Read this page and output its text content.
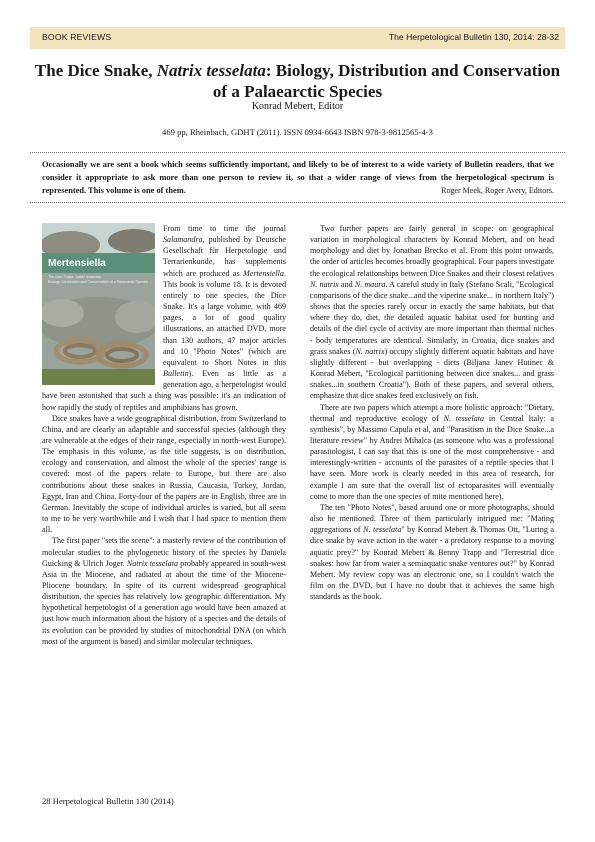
BOOK REVIEWS	The Herpetological Bulletin 130, 2014: 28-32
The Dice Snake, Natrix tesselata: Biology, Distribution and Conservation of a Palaearctic Species
Konrad Mebert, Editor
469 pp, Rheinbach, GDHT (2011). ISSN 0934-6643 ISBN 978-3-9812565-4-3
Occasionally we are sent a book which seems sufficiently important, and likely to be of interest to a wide variety of Bulletin readers, that we consider it appropriate to ask more than one person to review it, so that a wider range of views from the herpetological spectrum is represented. This volume is one of them.	Roger Meek, Roger Avery, Editors.
Mertensiella
The Dice Snake, Natrix tesselata: Biology, Distribution and Conservation of a Palaearctic Species

From time to time the journal Salamandra, published by Deutsche Gesellschaft für Herpetologie und Terrarienkunde, has supplements which are produced as Mertensiella. This book is volume 18. It is devoted entirely to one species, the Dice Snake. It's a large volume, with 469 pages, a lot of good quality illustrations, an attached DVD, more than 130 authors, 47 major articles and 10 "Photo Notes" (which are equivalent to Short Notes in this Bulletin). Even as little as a generation ago, a herpetologist would have been astonished that such a thing was possible: it's an indication of how rapidly the study of reptiles and amphibians has grown.

Dice snakes have a wide geographical distribution, from Switzerland to China, and are clearly an adaptable and successful species (although they are vulnerable at the edges of their range, especially in north-west Europe). The emphasis in this volume, as the title suggests, is on distribution, ecology and conservation, and almost the whole of the species' range is covered: most of the papers relate to Europe, but there are also contributions about these snakes in Russia, Caucasia, Turkey, Jordan, Egypt, Iran and China. Forty-four of the papers are in English, three are in German. Inevitably the scope of individual articles is varied, but all seem to me to be very worthwhile and I wish that I had space to mention them all.

The first paper "sets the scene": a masterly review of the contribution of molecular studies to the phylogenetic history of the species by Daniela Guicking & Ulrich Joger. Natrix tesselata probably appeared in south-west Asia in the Miocene, and radiated at about the time of the Miocene-Pliocene boundary. In spite of its current widespread geographical distribution, the species has relatively low geographic differentiation. My hypothetical herpetologist of a generation ago would have been amazed at just how much information about the history of a species and the details of its evolution can be provided by studies of mitochondrial DNA (on which most of the argument is based) and similar molecular techniques.

Two further papers are fairly general in scope: on geographical variation in morphological characters by Konrad Mebert, and on head morphology and diet by Jonathan Brecko et al. From this point onwards, the order of articles becomes broadly geographical. Four papers investigate the ecological relationships between Dice Snakes and their closest relatives N. natrix and N. maura. A careful study in Italy (Stefano Scali, "Ecological comparisons of the dice snake...and the viperine snake... in northern Italy") shows that the species rarely occur in exactly the same habitats, but that where they do, diet, the detailed aquatic habitat used for hunting and details of the diel cycle of activity are more important than thermal niches - body temperatures are identical. Similarly, in Croatia, dice snakes and grass snakes (N. natrix) occupy slightly different aquatic habitats and have slightly different - but overlapping - diets (Biljana Janev Hutinec & Konrad Mebert, "Ecological partitioning between dice snakes... and grass snakes...in southern Croatia"). Both of these papers, and several others, emphasize that dice snakes feed exclusively on fish.

There are two papers which attempt a more holistic approach: "Dietary, thermal and reproductive ecology of N. tesselata in Central Italy: a synthesis", by Massimo Capula et al, and "Parasitism in the Dice Snake...a literature review" by Andrei Mihalca (as someone who was a professional parasitologist, I can say that this is one of the most comprehensive - and interestingly-written - accounts of the parasites of a reptile species that I have seen. More work is clearly needed in this area of research, for example I am sure that the overall list of ectoparasites will eventually come to more than the one species of mite mentioned here).

The ten "Photo Notes", based around one or more photographs, should also be mentioned. Three of them particularly intrigued me: "Mating aggregations of N. tesselata" by Konrad Mebert & Thomas Ott, "Luring a dice snake by wave action in the water - a predatory response to a moving aquatic prey?" by Konrad Mebert & Benny Trapp and "Terrestrial dice snakes: how far from water a semiaquatic snake ventures out?" by Konrad Mebert. My review copy was an electronic one, so I couldn't watch the film on the DVD, but I have no doubt that it achieves the same high standards as the book.

28 Herpetological Bulletin 130 (2014)
